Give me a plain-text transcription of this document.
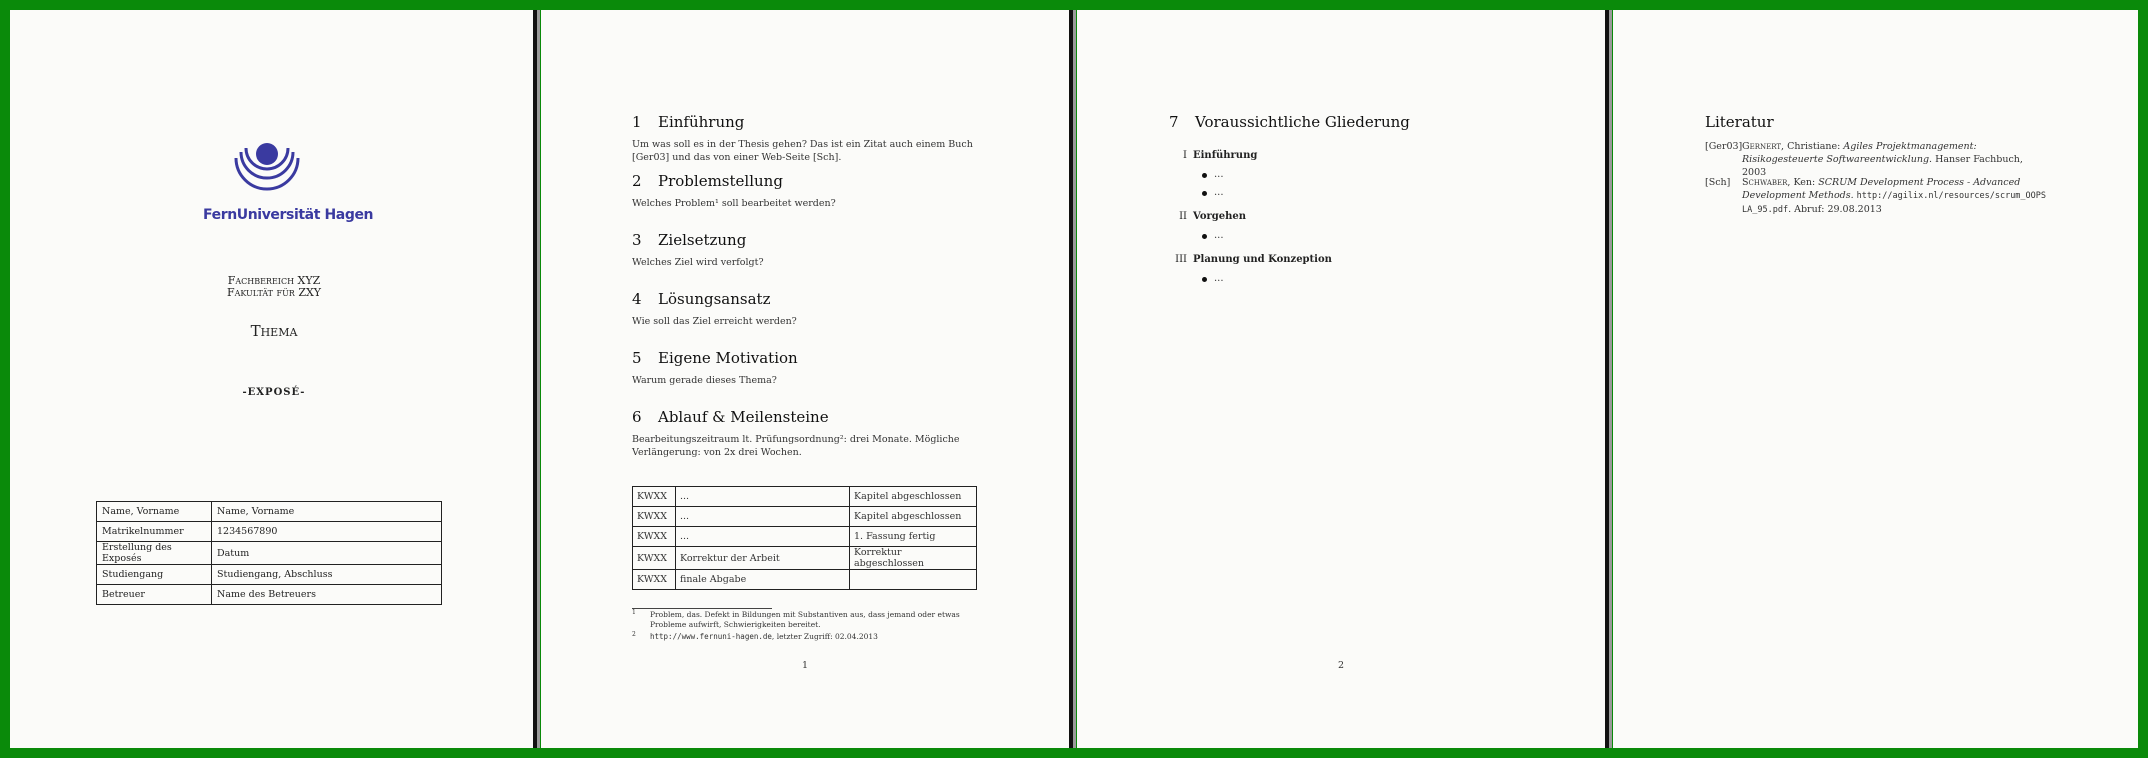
FernUniversität Hagen
Fachbereich XYZ
Fakultät für ZXY
Thema
-EXPOSÉ-
Name, Vorname	Name, Vorname
Matrikelnummer	1234567890
Erstellung des Exposés	Datum
Studiengang	Studiengang, Abschluss
Betreuer	Name des Betreuers
1 Einführung

Um was soll es in der Thesis gehen? Das ist ein Zitat auch einem Buch [Ger03] und das von einer Web-Seite [Sch].

2 Problemstellung

Welches Problem¹ soll bearbeitet werden?

3 Zielsetzung

Welches Ziel wird verfolgt?

4 Lösungsansatz

Wie soll das Ziel erreicht werden?

5 Eigene Motivation

Warum gerade dieses Thema?

6 Ablauf & Meilensteine

Bearbeitungszeitraum lt. Prüfungsordnung²: drei Monate. Mögliche Verlängerung: von 2x drei Wochen.

KWXX	...	Kapitel abgeschlossen
KWXX	...	Kapitel abgeschlossen
KWXX	...	1. Fassung fertig
KWXX	Korrektur der Arbeit	Korrektur abgeschlossen
KWXX	finale Abgabe	
1 Problem, das. Defekt in Bildungen mit Substantiven aus, dass jemand oder etwas Probleme aufwirft, Schwierigkeiten bereitet.
2 http://www.fernuni-hagen.de, letzter Zugriff: 02.04.2013
1
7 Voraussichtliche Gliederung
I Einführung
...
...
II Vorgehen
...
III Planung und Konzeption
...
2
Literatur
[Ger03] Gernert, Christiane: Agiles Projektmanagement: Risikogesteuerte Softwareentwicklung. Hanser Fachbuch, 2003
[Sch] Schwaber, Ken: SCRUM Development Process - Advanced Development Methods. http://agilix.nl/resources/scrum_OOPSLA_95.pdf. Abruf: 29.08.2013
